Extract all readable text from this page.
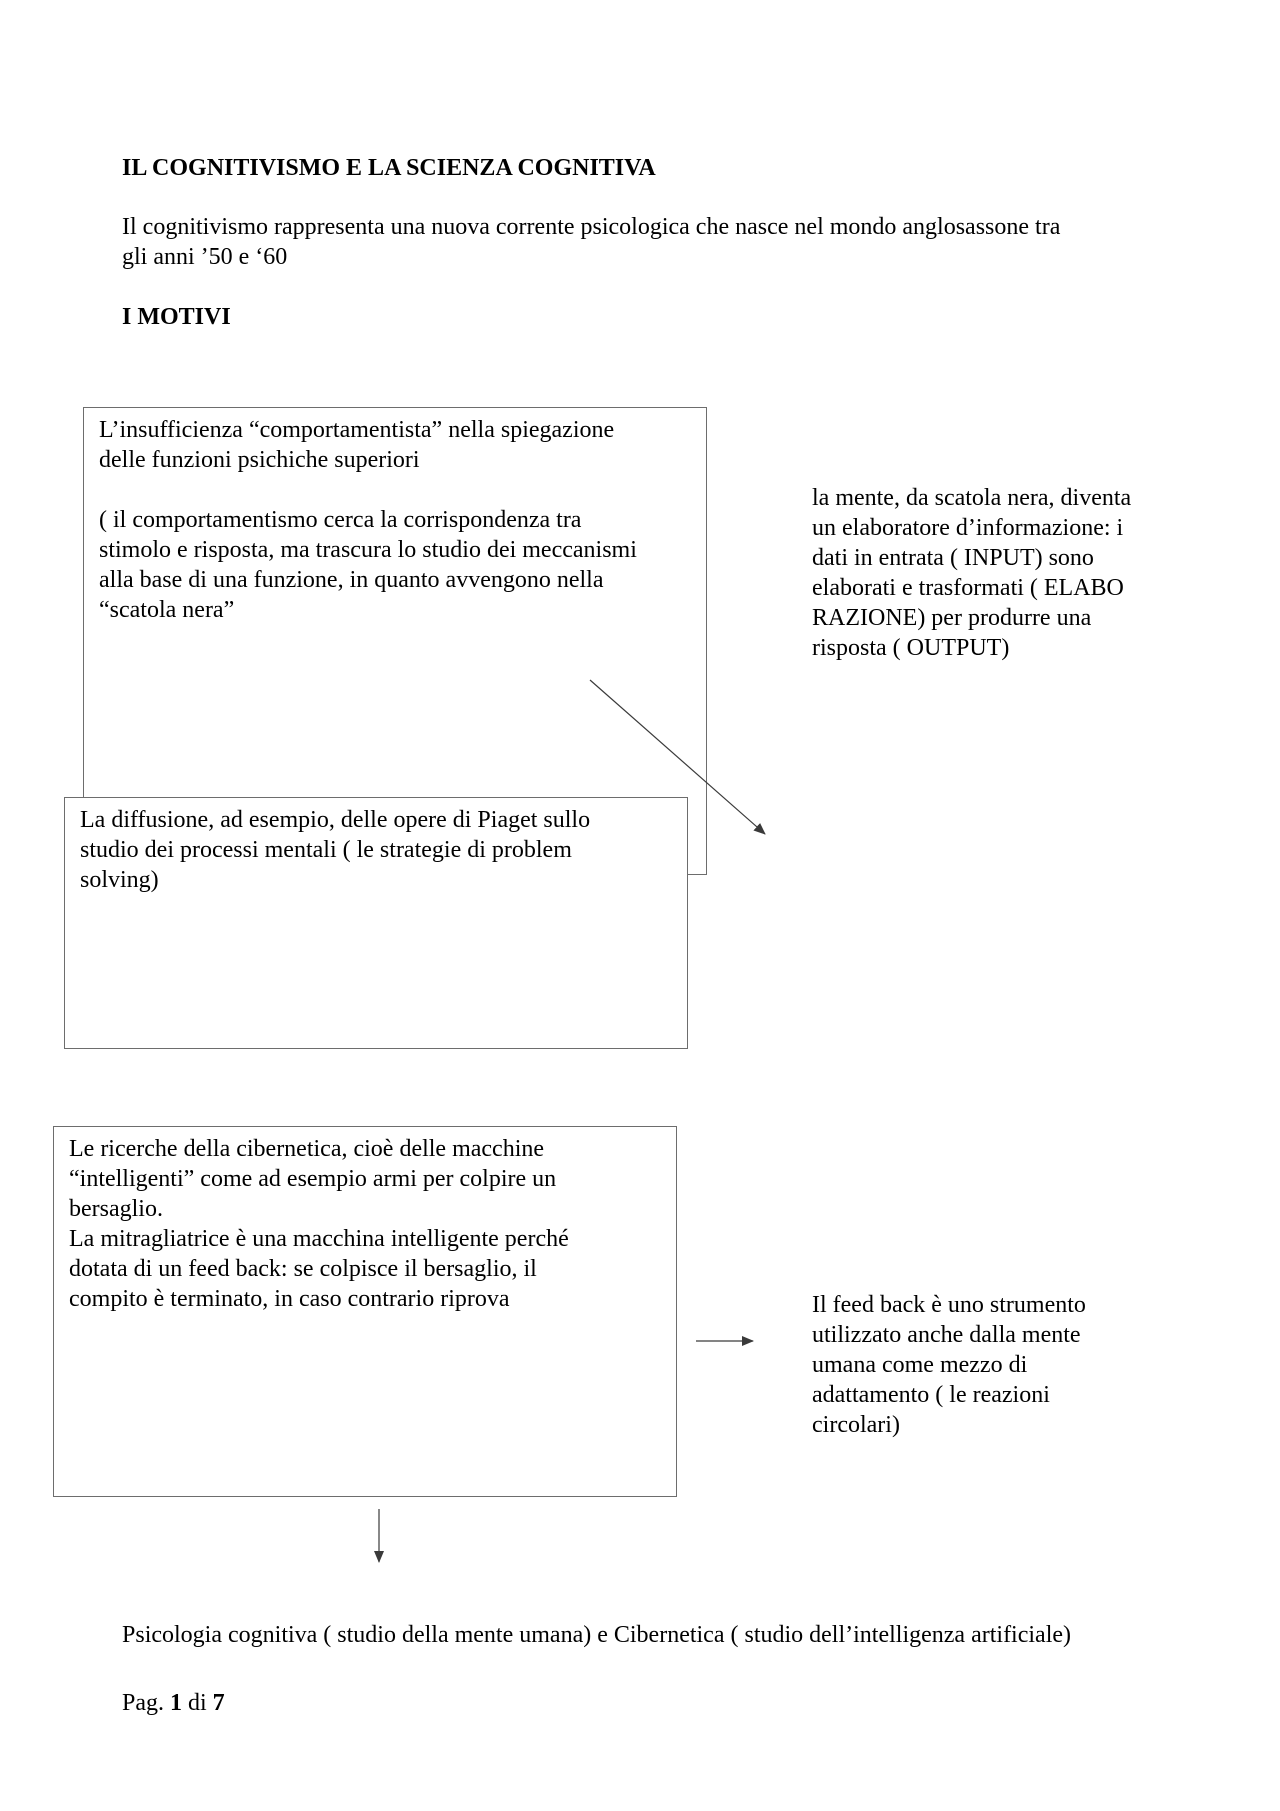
IL COGNITIVISMO E LA SCIENZA COGNITIVA
Il cognitivismo rappresenta una nuova corrente psicologica che nasce nel mondo anglosassone tra
gli anni ’50 e ‘60
I MOTIVI
L’insufficienza “comportamentista” nella spiegazione
delle funzioni psichiche superiori

( il comportamentismo cerca la corrispondenza tra
stimolo e risposta, ma trascura lo studio dei meccanismi
alla base di una funzione, in quanto avvengono nella
“scatola nera”
La diffusione, ad esempio, delle opere di Piaget sullo
studio dei processi mentali ( le strategie di problem
solving)
la mente, da scatola nera, diventa
un elaboratore d’informazione: i
dati in entrata ( INPUT) sono
elaborati e trasformati ( ELABO
RAZIONE) per produrre una
risposta ( OUTPUT)
Le ricerche della cibernetica, cioè delle macchine
“intelligenti” come ad esempio armi per colpire un
bersaglio.
La mitragliatrice è una macchina intelligente perché
dotata di un feed back: se colpisce il bersaglio, il
compito è terminato, in caso contrario riprova	Il feed back è uno strumento
utilizzato anche dalla mente
umana come mezzo di
adattamento ( le reazioni
circolari)
Psicologia cognitiva ( studio della mente umana) e Cibernetica ( studio dell’intelligenza artificiale)
Pag. 1 di 7
